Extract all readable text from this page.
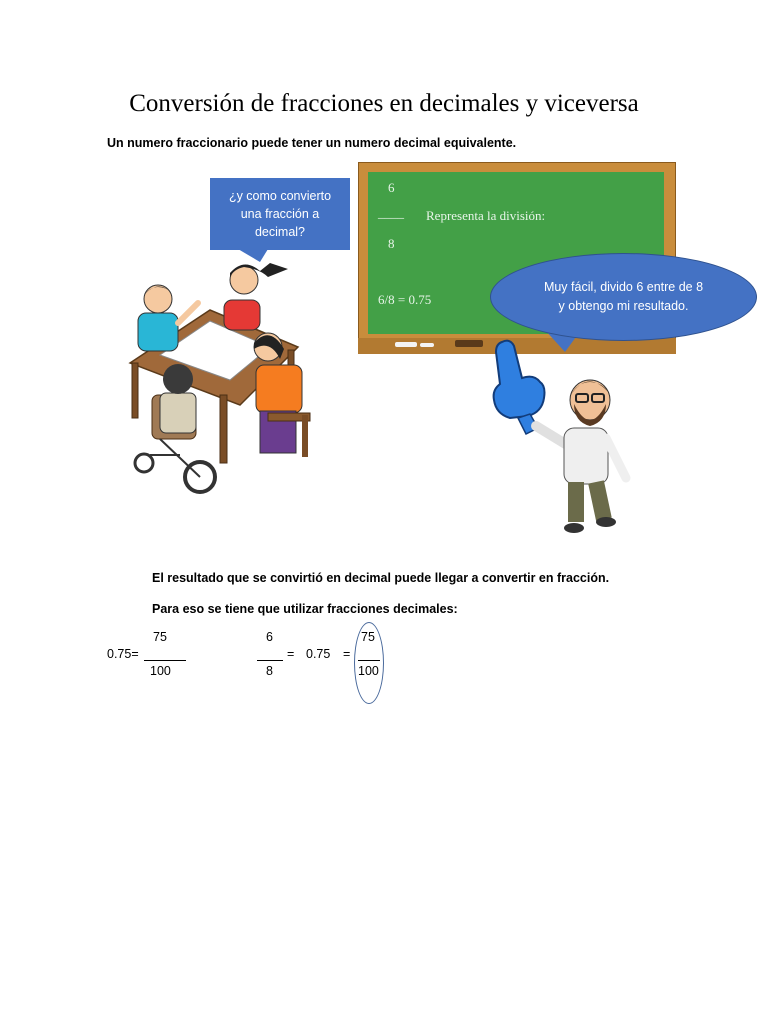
Conversión de fracciones en decimales y viceversa
Un numero fraccionario puede tener un numero decimal equivalente.
6
____ Representa la división:
8
6/8 = 0.75
¿y como convierto
una fracción a
decimal?
Muy fácil, divido 6 entre de 8
y obtengo mi resultado.
El resultado que se convirtió en decimal puede llegar a convertir en fracción.
Para eso se tiene que utilizar fracciones decimales:
0.75=
75
100
6
8
= 0.75 =
75
100
